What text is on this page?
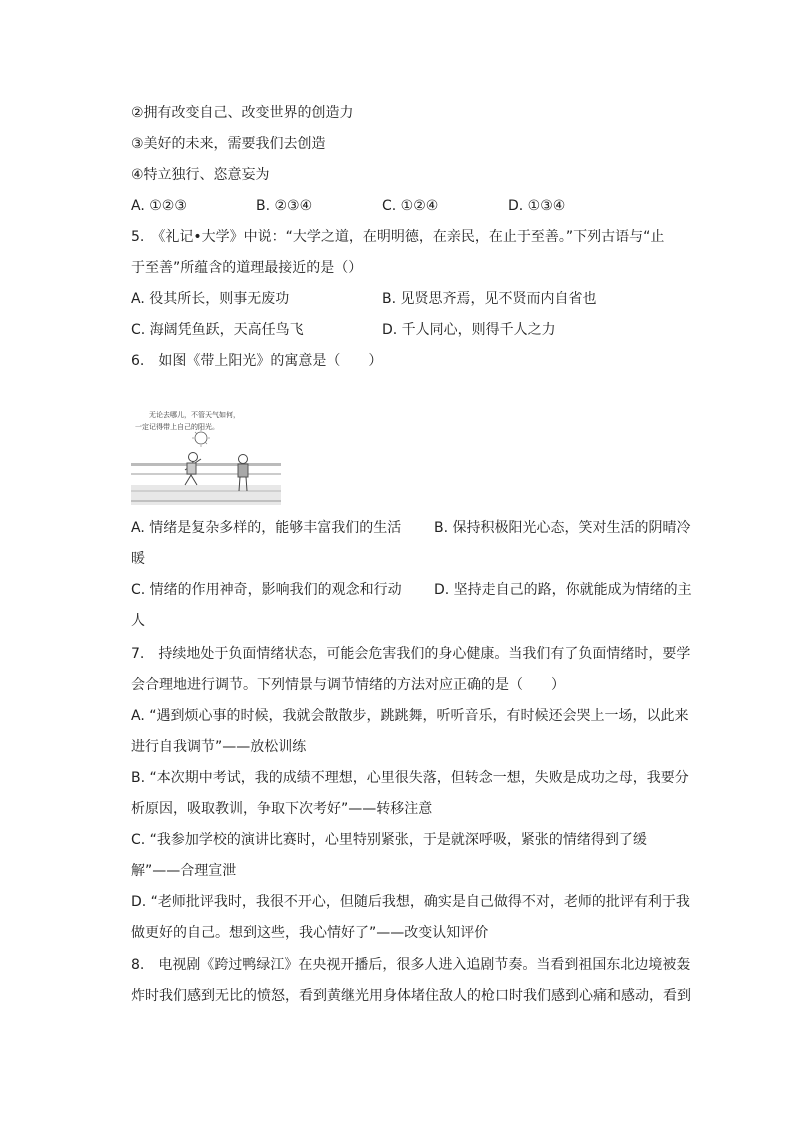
②拥有改变自己、改变世界的创造力
③美好的未来，需要我们去创造
④特立独行、恣意妄为
A. ①②③	B. ②③④	C. ①②④	D. ①③④
5.　《礼记•大学》中说：“大学之道，在明明德，在亲民，在止于至善。”下列古语与“止
于至善”所蕴含的道理最接近的是（）
A. 役其所长，则事无废功	B. 见贤思齐焉，见不贤而内自省也
C. 海阔凭鱼跃，天高任鸟飞	D. 千人同心，则得千人之力
6.　如图《带上阳光》的寓意是（　　）
无论去哪儿，不管天气如何，
一定记得带上自己的阳光。
A. 情绪是复杂多样的，能够丰富我们的生活 B. 保持积极阳光心态，笑对生活的阴晴冷
暖
C. 情绪的作用神奇，影响我们的观念和行动 D. 坚持走自己的路，你就能成为情绪的主
人
7.　持续地处于负面情绪状态，可能会危害我们的身心健康。当我们有了负面情绪时，要学
会合理地进行调节。下列情景与调节情绪的方法对应正确的是（　　）
A. “遇到烦心事的时候，我就会散散步，跳跳舞，听听音乐，有时候还会哭上一场，以此来
进行自我调节”——放松训练
B. “本次期中考试，我的成绩不理想，心里很失落，但转念一想，失败是成功之母，我要分
析原因，吸取教训，争取下次考好”——转移注意
C. “我参加学校的演讲比赛时，心里特别紧张，于是就深呼吸，紧张的情绪得到了缓
解”——合理宣泄
D. “老师批评我时，我很不开心，但随后我想，确实是自己做得不对，老师的批评有利于我
做更好的自己。想到这些，我心情好了”——改变认知评价
8.　电视剧《跨过鸭绿江》在央视开播后，很多人进入追剧节奏。当看到祖国东北边境被轰
炸时我们感到无比的愤怒，看到黄继光用身体堵住敌人的枪口时我们感到心痛和感动，看到
